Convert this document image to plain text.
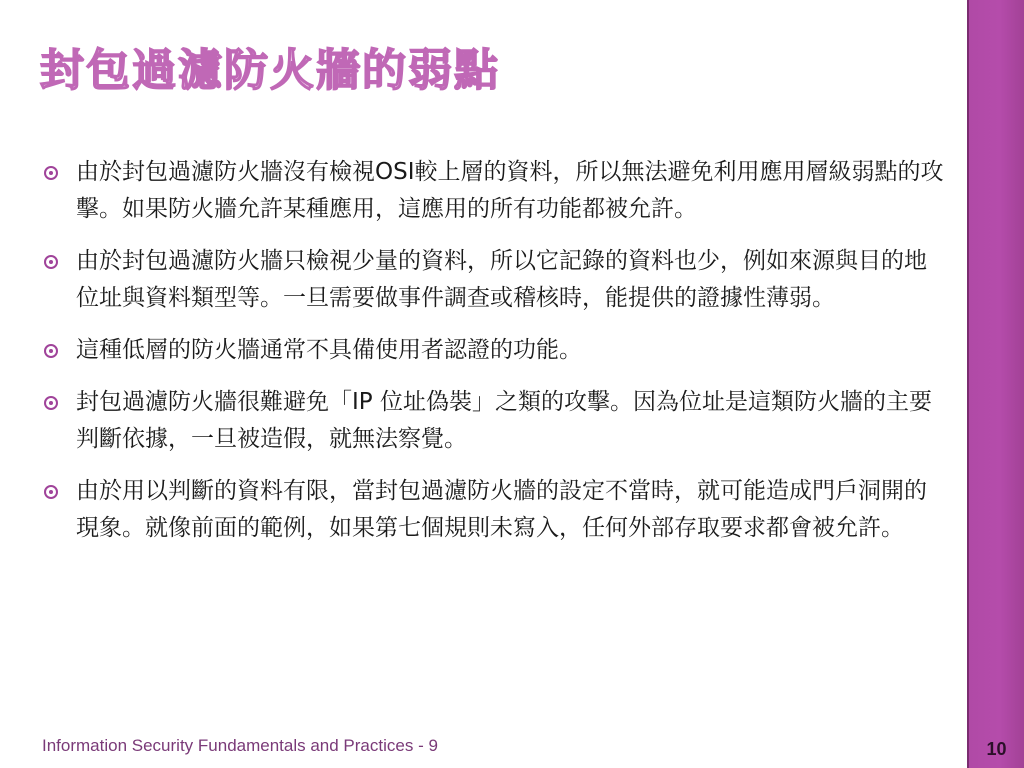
10
封包過濾防火牆的弱點
由於封包過濾防火牆沒有檢視OSI較上層的資料，所以無法避免利用應用層級弱點的攻擊。如果防火牆允許某種應用，這應用的所有功能都被允許。
由於封包過濾防火牆只檢視少量的資料，所以它記錄的資料也少，例如來源與目的地位址與資料類型等。一旦需要做事件調查或稽核時，能提供的證據性薄弱。
這種低層的防火牆通常不具備使用者認證的功能。
封包過濾防火牆很難避免「IP 位址偽裝」之類的攻擊。因為位址是這類防火牆的主要判斷依據，一旦被造假，就無法察覺。
由於用以判斷的資料有限，當封包過濾防火牆的設定不當時，就可能造成門戶洞開的現象。就像前面的範例，如果第七個規則未寫入，任何外部存取要求都會被允許。
Information Security Fundamentals and Practices - 9
